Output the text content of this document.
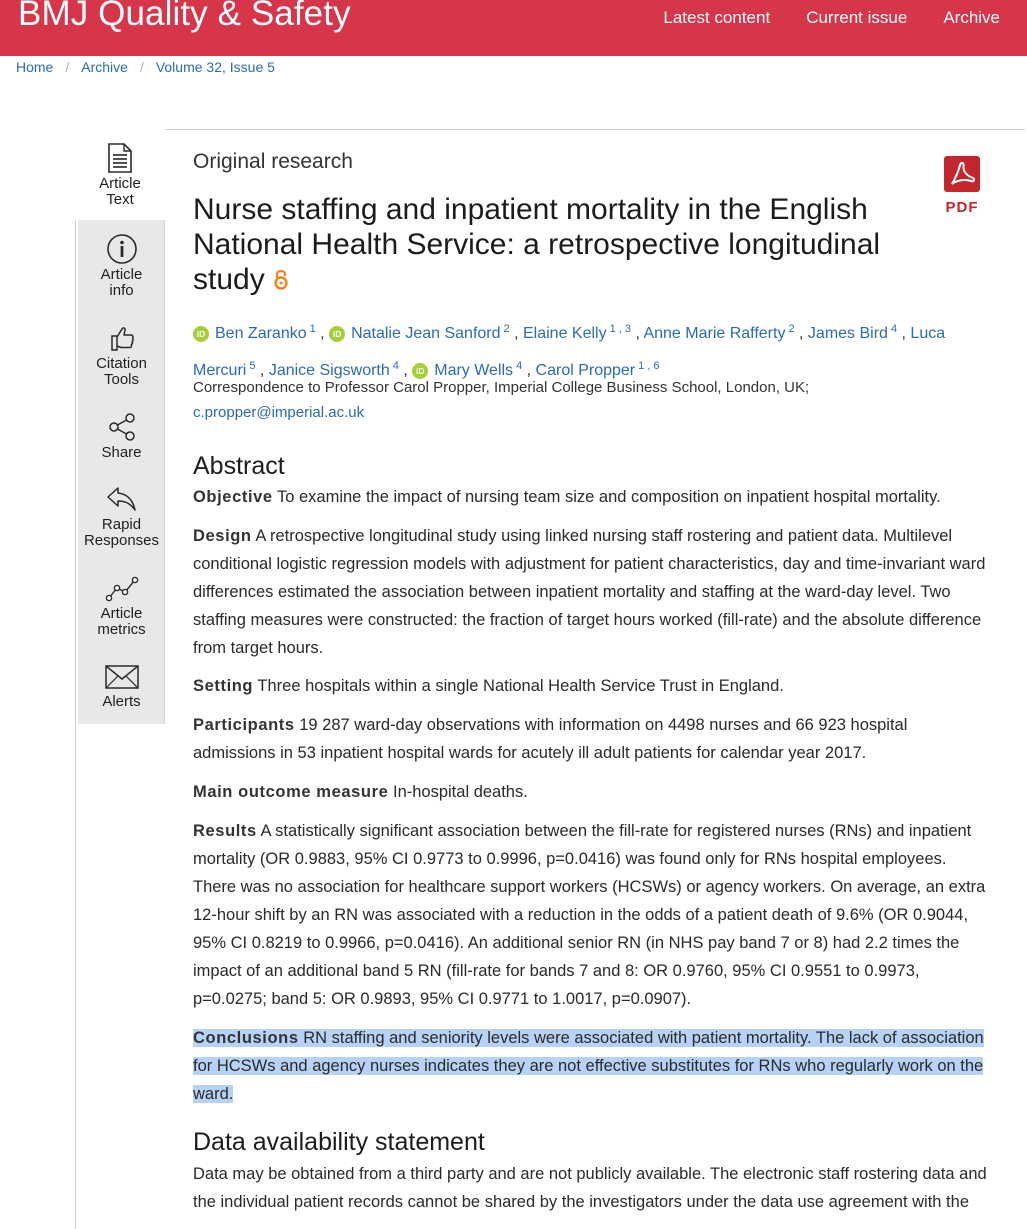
BMJ Quality & Safety	Latest content Current issue Archive
Home / Archive / Volume 32, Issue 5
Article
info
Citation
Tools
Share
Rapid
Responses
Article
metrics
Alerts
Article
Text
Original research
PDF
Nurse staffing and inpatient mortality in the English National Health Service: a retrospective longitudinal study
iD Ben Zaranko $^1$ , iD Natalie Jean Sanford $^2$ , Elaine Kelly $^{1 , 3}$ , Anne Marie Rafferty $^2$ , James Bird $^4$ , Luca Mercuri $^5$ , Janice Sigsworth $^4$ , iD Mary Wells $^4$ , Carol Propper $^{1 , 6}$
Correspondence to Professor Carol Propper, Imperial College Business School, London, UK;
c.propper@imperial.ac.uk
Abstract

Objective To examine the impact of nursing team size and composition on inpatient hospital mortality.

Design A retrospective longitudinal study using linked nursing staff rostering and patient data. Multilevel conditional logistic regression models with adjustment for patient characteristics, day and time-invariant ward differences estimated the association between inpatient mortality and staffing at the ward-day level. Two staffing measures were constructed: the fraction of target hours worked (fill-rate) and the absolute difference from target hours.

Setting Three hospitals within a single National Health Service Trust in England.

Participants 19 287 ward-day observations with information on 4498 nurses and 66 923 hospital admissions in 53 inpatient hospital wards for acutely ill adult patients for calendar year 2017.

Main outcome measure In-hospital deaths.

Results A statistically significant association between the fill-rate for registered nurses (RNs) and inpatient mortality (OR 0.9883, 95% CI 0.9773 to 0.9996, p=0.0416) was found only for RNs hospital employees. There was no association for healthcare support workers (HCSWs) or agency workers. On average, an extra 12-hour shift by an RN was associated with a reduction in the odds of a patient death of 9.6% (OR 0.9044, 95% CI 0.8219 to 0.9966, p=0.0416). An additional senior RN (in NHS pay band 7 or 8) had 2.2 times the impact of an additional band 5 RN (fill-rate for bands 7 and 8: OR 0.9760, 95% CI 0.9551 to 0.9973, p=0.0275; band 5: OR 0.9893, 95% CI 0.9771 to 1.0017, p=0.0907).

Conclusions RN staffing and seniority levels were associated with patient mortality. The lack of association for HCSWs and agency nurses indicates they are not effective substitutes for RNs who regularly work on the ward.

Data availability statement

Data may be obtained from a third party and are not publicly available. The electronic staff rostering data and the individual patient records cannot be shared by the investigators under the data use agreement with the
